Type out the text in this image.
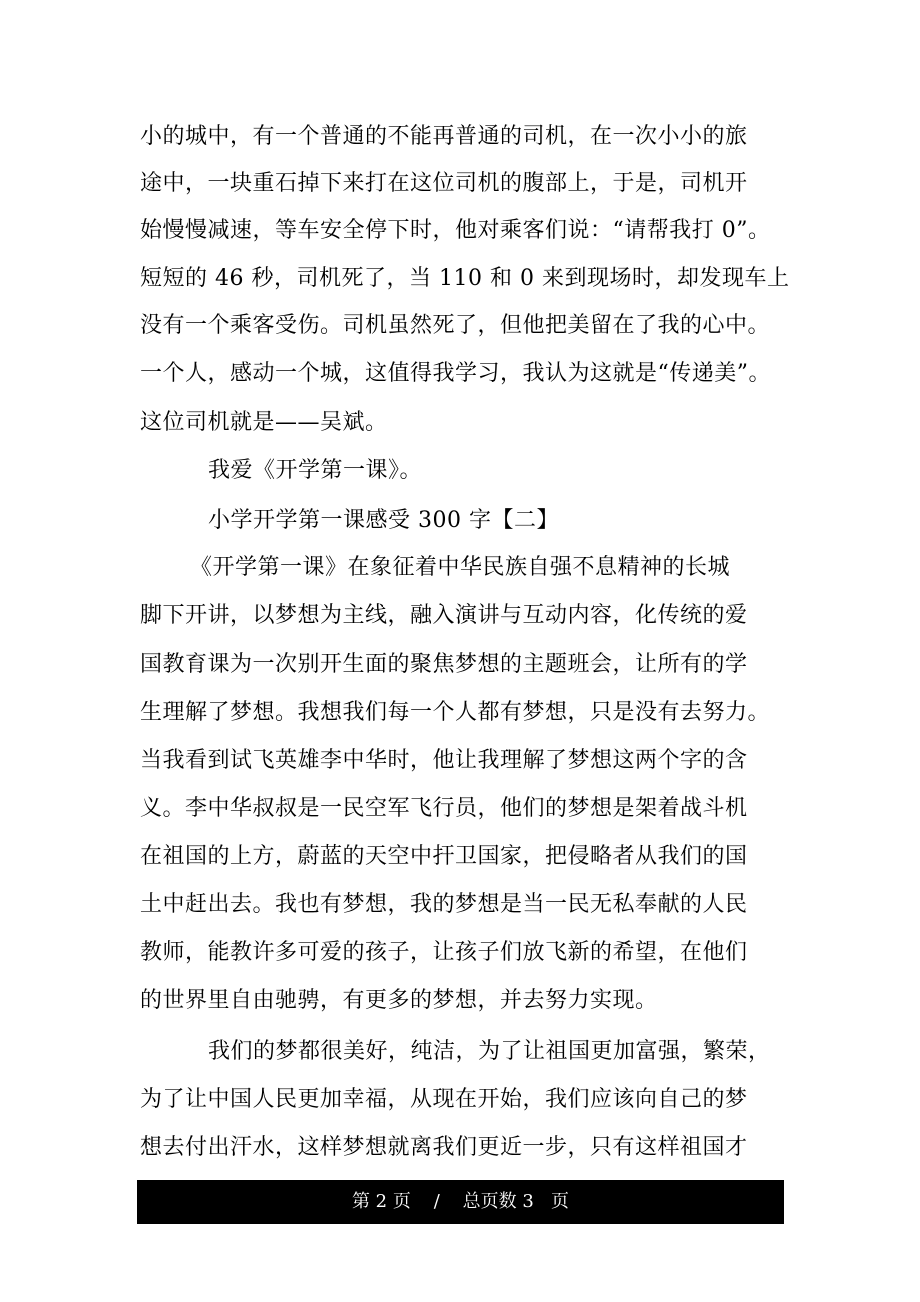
小的城中，有一个普通的不能再普通的司机，在一次小小的旅
途中，一块重石掉下来打在这位司机的腹部上，于是，司机开
始慢慢减速，等车安全停下时，他对乘客们说：“请帮我打 0”。
短短的 46 秒，司机死了，当 110 和 0 来到现场时，却发现车上
没有一个乘客受伤。司机虽然死了，但他把美留在了我的心中。
一个人，感动一个城，这值得我学习，我认为这就是“传递美”。
这位司机就是——吴斌。
我爱《开学第一课》。
小学开学第一课感受 300 字【二】
《开学第一课》在象征着中华民族自强不息精神的长城
脚下开讲，以梦想为主线，融入演讲与互动内容，化传统的爱
国教育课为一次别开生面的聚焦梦想的主题班会，让所有的学
生理解了梦想。我想我们每一个人都有梦想，只是没有去努力。
当我看到试飞英雄李中华时，他让我理解了梦想这两个字的含
义。李中华叔叔是一民空军飞行员，他们的梦想是架着战斗机
在祖国的上方，蔚蓝的天空中扞卫国家，把侵略者从我们的国
土中赶出去。我也有梦想，我的梦想是当一民无私奉献的人民
教师，能教许多可爱的孩子，让孩子们放飞新的希望，在他们
的世界里自由驰骋，有更多的梦想，并去努力实现。
我们的梦都很美好，纯洁，为了让祖国更加富强，繁荣，
为了让中国人民更加幸福，从现在开始，我们应该向自己的梦
想去付出汗水，这样梦想就离我们更近一步，只有这样祖国才
第 2 页    /    总页数 3   页
